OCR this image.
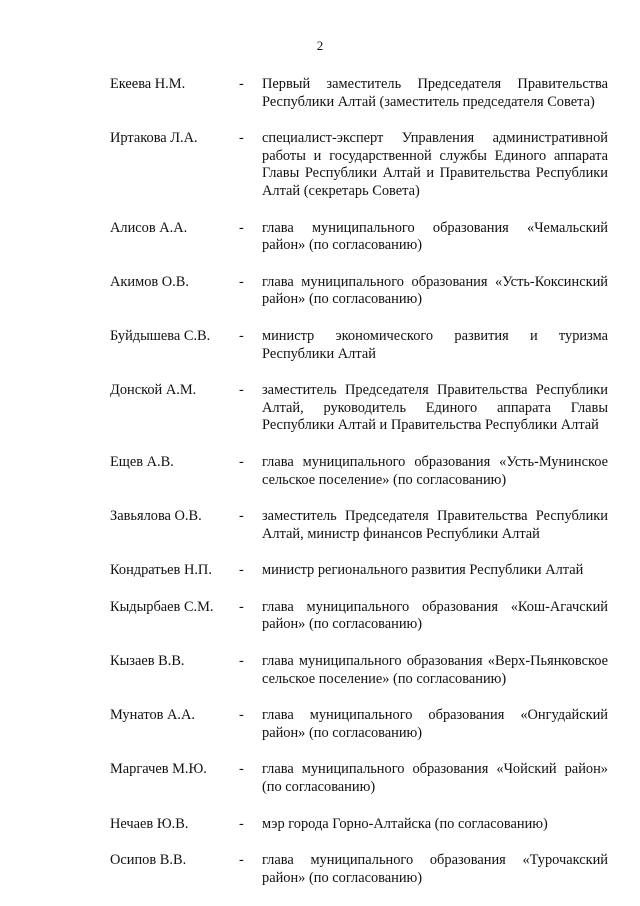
2
Екеева Н.М.	-	Первый заместитель Председателя Правительства Республики Алтай (заместитель председателя Совета)
Иртакова Л.А.	-	специалист-эксперт Управления административной работы и государственной службы Единого аппарата Главы Республики Алтай и Правительства Республики Алтай (секретарь Совета)
Алисов А.А.	-	глава муниципального образования «Чемальский район» (по согласованию)
Акимов О.В.	-	глава муниципального образования «Усть-Коксинский район» (по согласованию)
Буйдышева С.В.	-	министр экономического развития и туризма Республики Алтай
Донской А.М.	-	заместитель Председателя Правительства Республики Алтай, руководитель Единого аппарата Главы Республики Алтай и Правительства Республики Алтай
Ещев А.В.	-	глава муниципального образования «Усть-Мунинское сельское поселение» (по согласованию)
Завьялова О.В.	-	заместитель Председателя Правительства Республики Алтай, министр финансов Республики Алтай
Кондратьев Н.П.	-	министр регионального развития Республики Алтай
Кыдырбаев С.М.	-	глава муниципального образования «Кош-Агачский район» (по согласованию)
Кызаев В.В.	-	глава муниципального образования «Верх-Пьянковское сельское поселение» (по согласованию)
Мунатов А.А.	-	глава муниципального образования «Онгудайский район» (по согласованию)
Маргачев М.Ю.	-	глава муниципального образования «Чойский район» (по согласованию)
Нечаев Ю.В.	-	мэр города Горно-Алтайска (по согласованию)
Осипов В.В.	-	глава муниципального образования «Турочакский район» (по согласованию)
